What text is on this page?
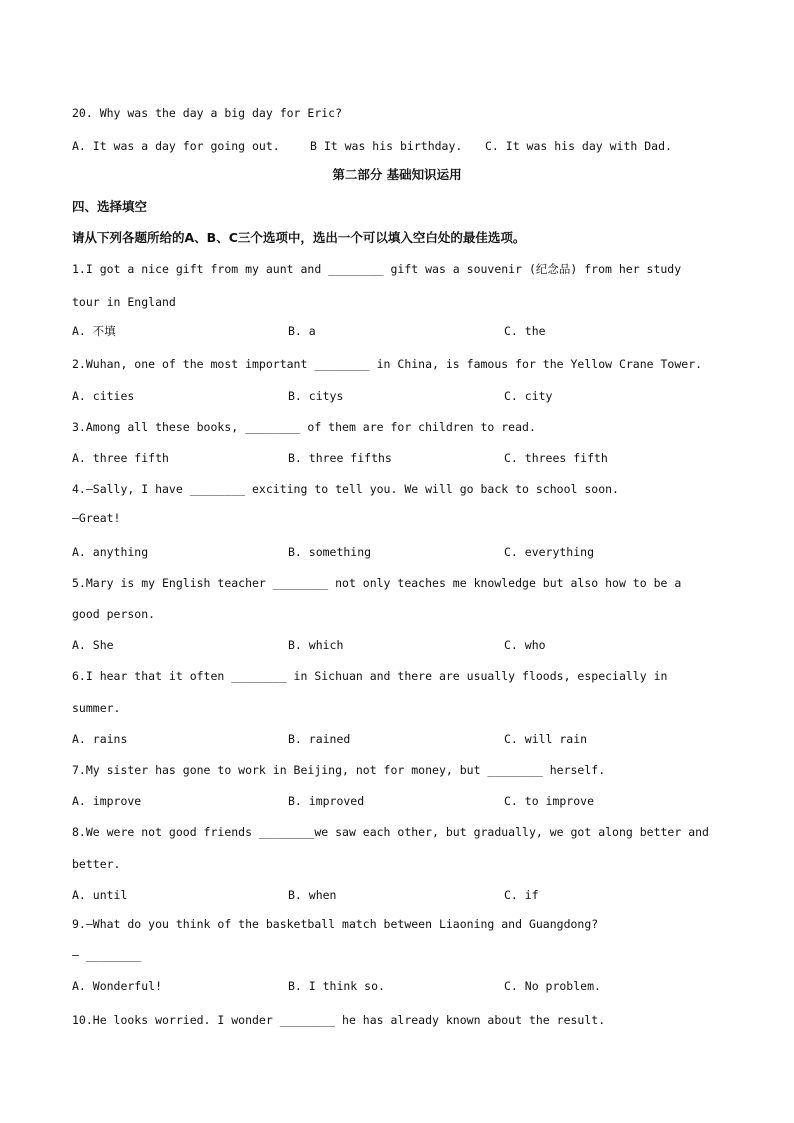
20. Why was the day a big day for Eric?
A. It was a day for going out.	B It was his birthday. C. It was his day with Dad.
第二部分 基础知识运用
四、选择填空
请从下列各题所给的A、B、C三个选项中，选出一个可以填入空白处的最佳选项。
1.I got a nice gift from my aunt and ________ gift was a souvenir (纪念品) from her study
tour in England
A. 不填	B. a	C. the
2.Wuhan, one of the most important ________ in China, is famous for the Yellow Crane Tower.
A. cities	B. citys	C. city
3.Among all these books, ________ of them are for children to read.
A. three fifth	B. three fifths	C. threes fifth
4.—Sally, I have ________ exciting to tell you. We will go back to school soon.
—Great!
A. anything	B. something	C. everything
5.Mary is my English teacher ________ not only teaches me knowledge but also how to be a
good person.
A. She	B. which	C. who
6.I hear that it often ________ in Sichuan and there are usually floods, especially in
summer.
A. rains	B. rained	C. will rain
7.My sister has gone to work in Beijing, not for money, but ________ herself.
A. improve	B. improved	C. to improve
8.We were not good friends ________we saw each other, but gradually, we got along better and
better.
A. until	B. when	C. if
9.—What do you think of the basketball match between Liaoning and Guangdong?
— ________
A. Wonderful!	B. I think so.	C. No problem.
10.He looks worried. I wonder ________ he has already known about the result.
